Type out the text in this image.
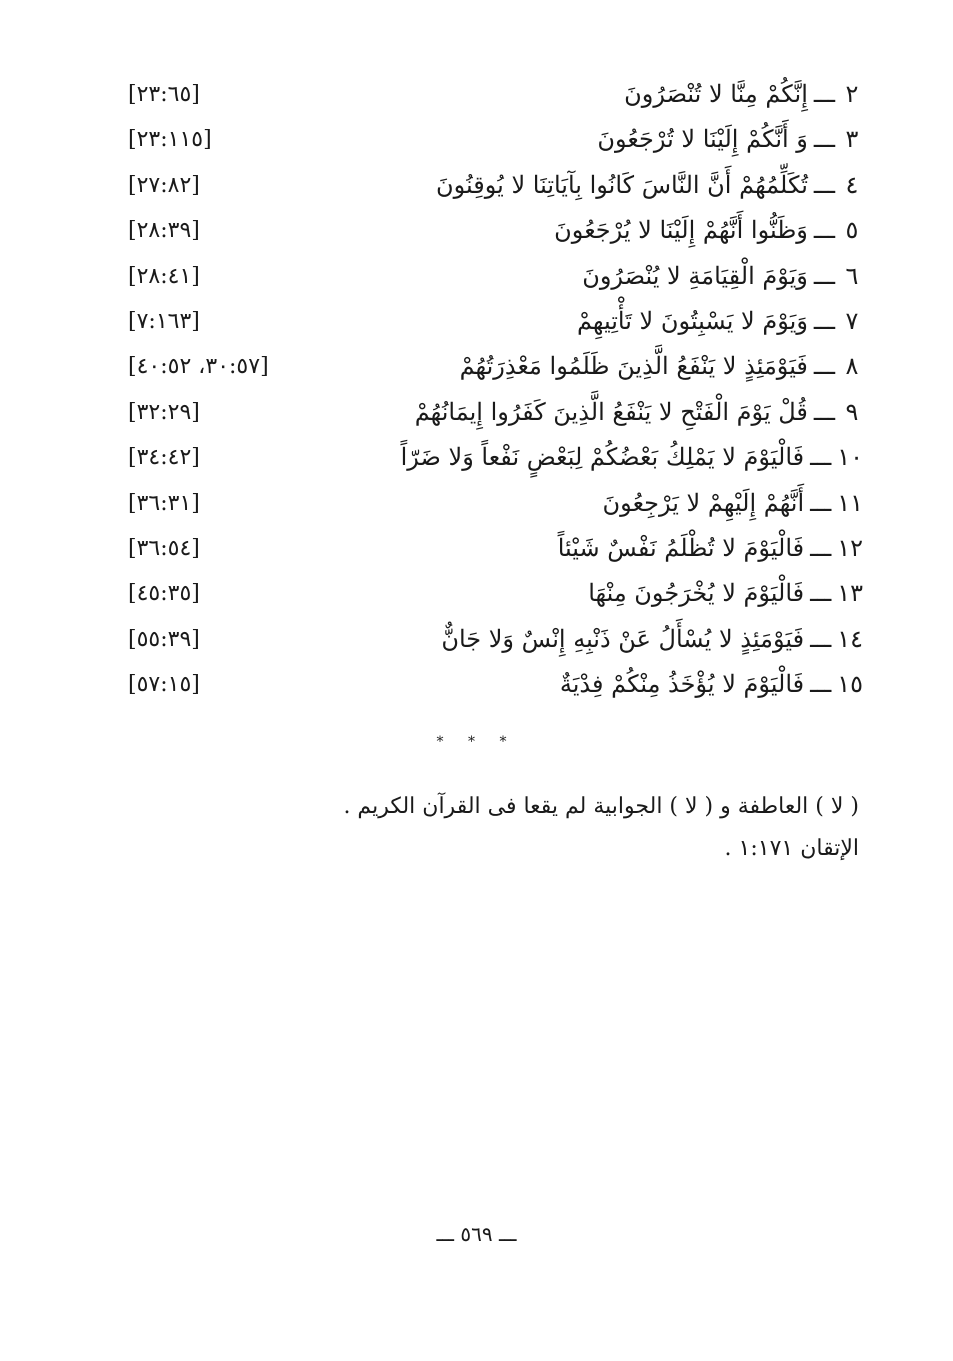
٢ـــإِنَّكُمْ مِنَّا لا تُنْصَرُونَ
[٢٣:٦٥]
٣ـــوَ أَنَّكُمْ إِلَيْنَا لا تُرْجَعُونَ
[٢٣:١١٥]
٤ـــتُكَلِّمُهُمْ أَنَّ النَّاسَ كَانُوا بِآيَاتِنَا لا يُوقِنُونَ
[٢٧:٨٢]
٥ـــوَظَنُّوا أَنَّهُمْ إِلَيْنَا لا يُرْجَعُونَ
[٢٨:٣٩]
٦ـــوَيَوْمَ الْقِيَامَةِ لا يُنْصَرُونَ
[٢٨:٤١]
٧ـــوَيَوْمَ لا يَسْبِتُونَ لا تَأْتِيهِمْ
[٧:١٦٣]
٨ـــفَيَوْمَئِذٍ لا يَنْفَعُ الَّذِينَ ظَلَمُوا مَعْذِرَتُهُمْ
[٣٠:٥٧، ٤٠:٥٢]
٩ـــقُلْ يَوْمَ الْفَتْحِ لا يَنْفَعُ الَّذِينَ كَفَرُوا إِيمَانُهُمْ
[٣٢:٢٩]
١٠ـــفَالْيَوْمَ لا يَمْلِكُ بَعْضُكُمْ لِبَعْضٍ نَفْعاً وَلا ضَرّاً
[٣٤:٤٢]
١١ـــأَنَّهُمْ إِلَيْهِمْ لا يَرْجِعُونَ
[٣٦:٣١]
١٢ـــفَالْيَوْمَ لا تُظْلَمُ نَفْسٌ شَيْئاً
[٣٦:٥٤]
١٣ـــفَالْيَوْمَ لا يُخْرَجُونَ مِنْهَا
[٤٥:٣٥]
١٤ـــفَيَوْمَئِذٍ لا يُسْأَلُ عَنْ ذَنْبِهِ إِنْسٌ وَلا جَانٌّ
[٥٥:٣٩]
١٥ـــفَالْيَوْمَ لا يُؤْخَذُ مِنْكُمْ فِدْيَةٌ
[٥٧:١٥]
* * *
( لا ) العاطفة و ( لا ) الجوابية لم يقعا فى القرآن الكريم .
الإتقان ١:١٧١ .
ـــ ٥٦٩ ـــ
